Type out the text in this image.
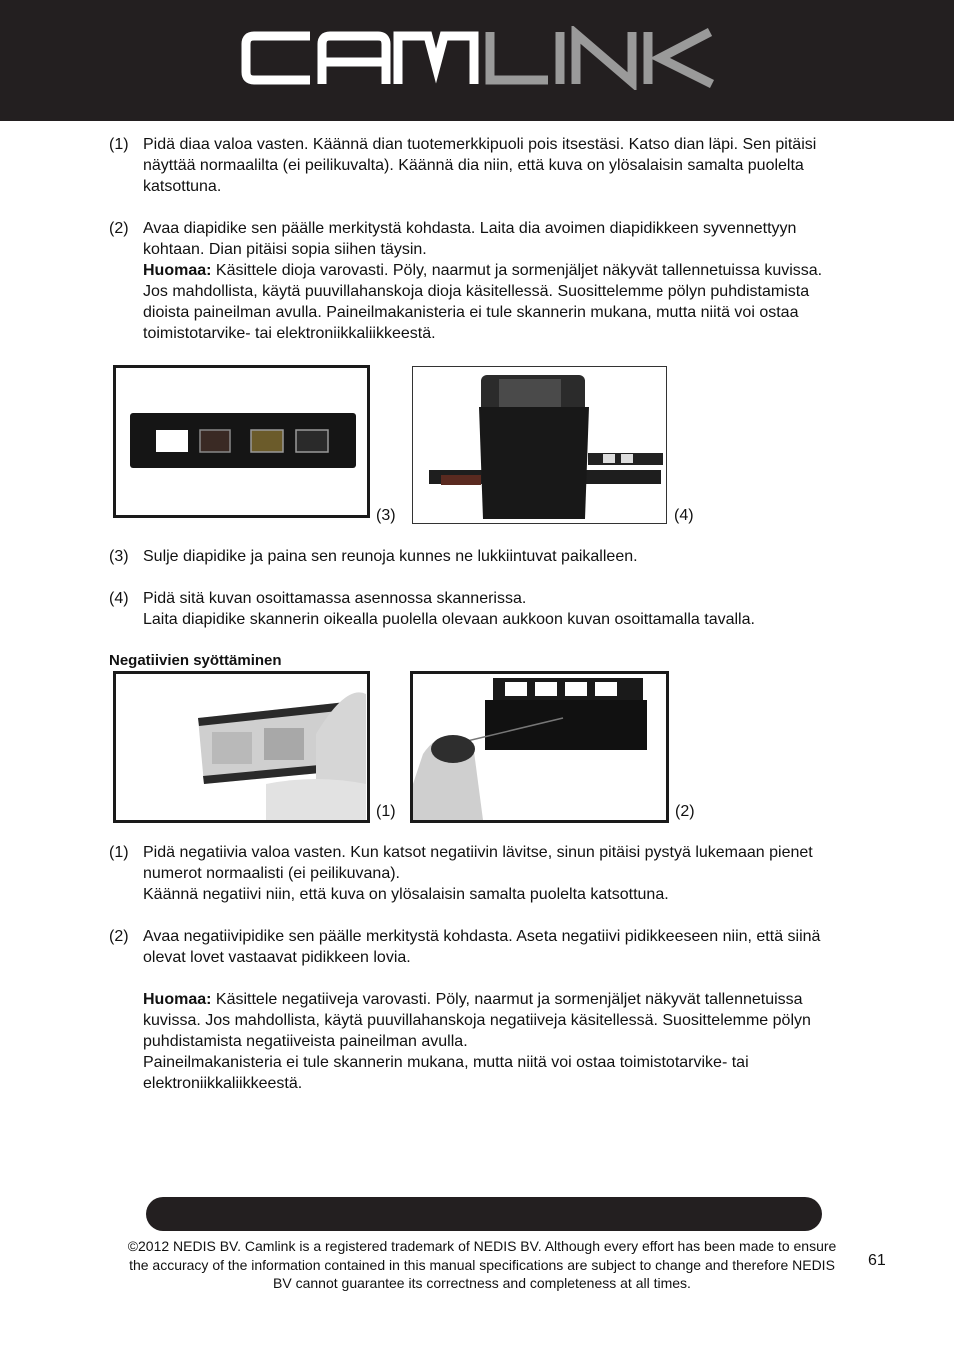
(1) Pidä diaa valoa vasten. Käännä dian tuotemerkkipuoli pois itsestäsi. Katso dian läpi. Sen pitäisi näyttää normaalilta (ei peilikuvalta). Käännä dia niin, että kuva on ylösalaisin samalta puolelta katsottuna.

(2) Avaa diapidike sen päälle merkitystä kohdasta. Laita dia avoimen diapidikkeen syvennettyyn kohtaan. Dian pitäisi sopia siihen täysin.

Huomaa: Käsittele dioja varovasti. Pöly, naarmut ja sormenjäljet näkyvät tallennetuissa kuvissa. Jos mahdollista, käytä puuvillahanskoja dioja käsitellessä. Suosittelemme pölyn puhdistamista dioista paineilman avulla. Paineilmakanisteria ei tule skannerin mukana, mutta niitä voi ostaa toimistotarvike- tai elektroniikkaliikkeestä.

(3)	(4)
(3) Sulje diapidike ja paina sen reunoja kunnes ne lukkiintuvat paikalleen.

(4) Pidä sitä kuvan osoittamassa asennossa skannerissa.

Laita diapidike skannerin oikealla puolella olevaan aukkoon kuvan osoittamalla tavalla.

Negatiivien syöttäminen
(1)	(2)
(1) Pidä negatiivia valoa vasten. Kun katsot negatiivin lävitse, sinun pitäisi pystyä lukemaan pienet numerot normaalisti (ei peilikuvana).

Käännä negatiivi niin, että kuva on ylösalaisin samalta puolelta katsottuna.

(2) Avaa negatiivipidike sen päälle merkitystä kohdasta. Aseta negatiivi pidikkeeseen niin, että siinä olevat lovet vastaavat pidikkeen lovia.

Huomaa: Käsittele negatiiveja varovasti. Pöly, naarmut ja sormenjäljet näkyvät tallennetuissa kuvissa. Jos mahdollista, käytä puuvillahanskoja negatiiveja käsitellessä. Suosittelemme pölyn puhdistamista negatiiveista paineilman avulla.

Paineilmakanisteria ei tule skannerin mukana, mutta niitä voi ostaa toimistotarvike- tai elektroniikkaliikkeestä.

©2012 NEDIS BV. Camlink is a registered trademark of NEDIS BV. Although every effort has been made to ensure the accuracy of the information contained in this manual specifications are subject to change and therefore NEDIS BV cannot guarantee its correctness and completeness at all times.
61
